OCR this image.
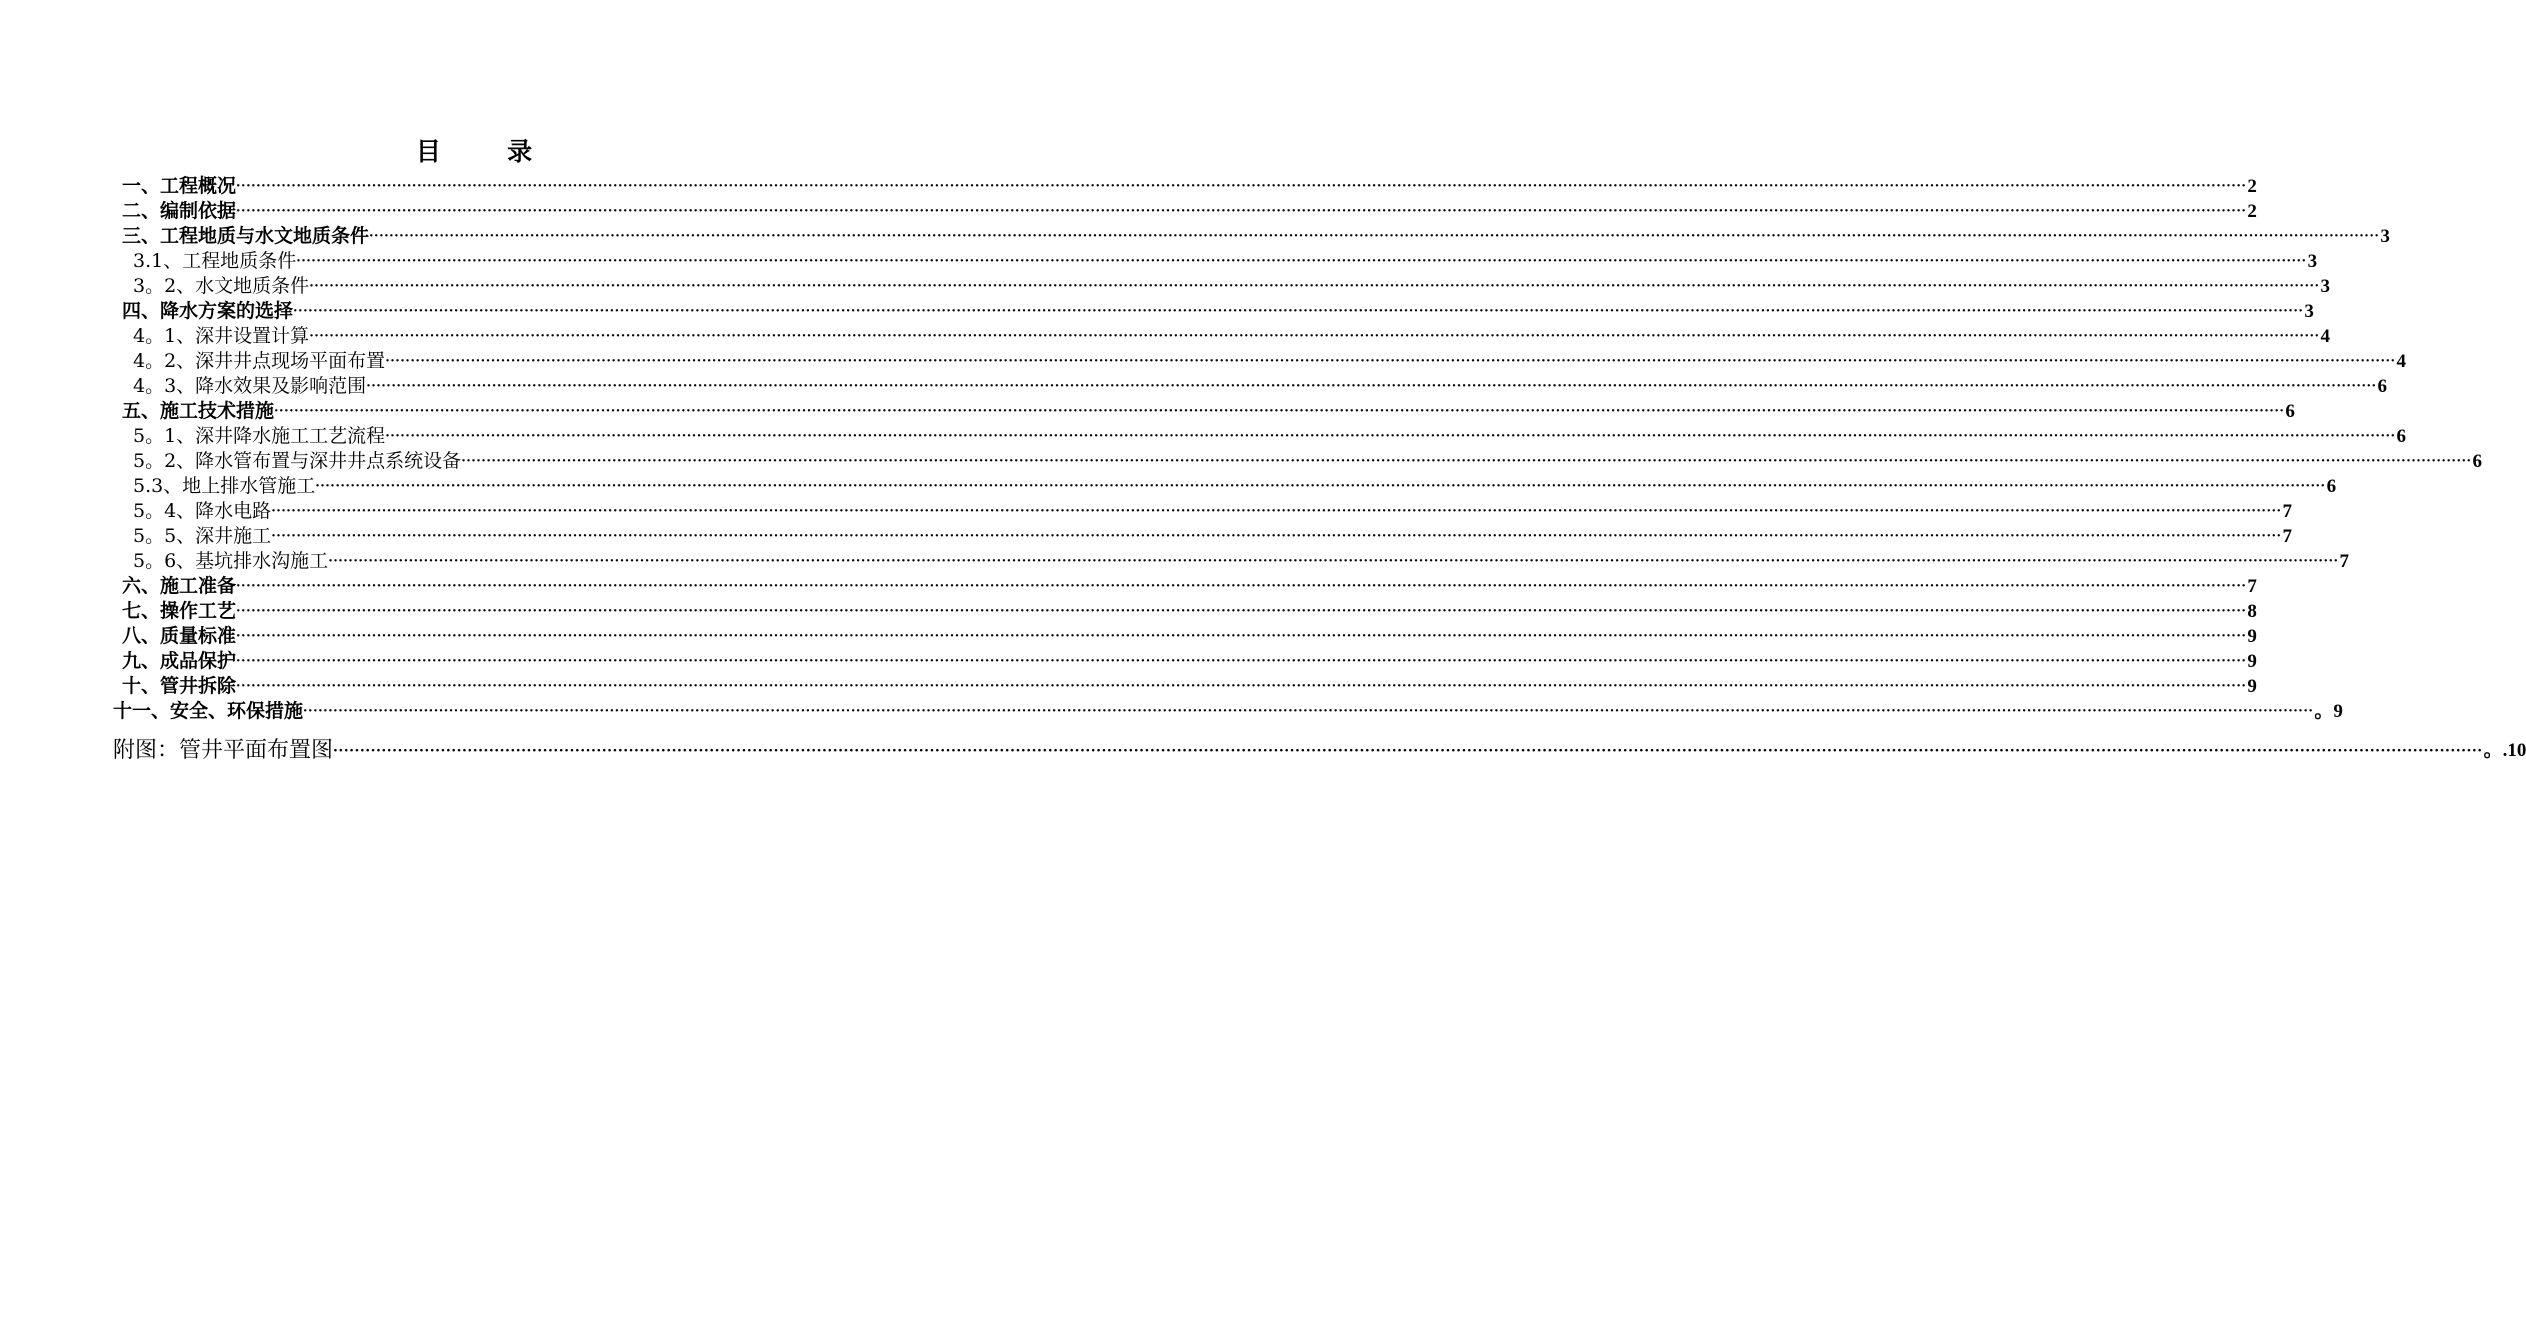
目      录
一、工程概况 ················································································································································································································································································································································································································ 2
二、编制依据 ················································································································································································································································································································································································································ 2
三、工程地质与水文地质条件 ················································································································································································································································································································································································································ 3
3.1、工程地质条件 ················································································································································································································································································································································································································ 3
3。2、水文地质条件 ················································································································································································································································································································································································································ 3
四、降水方案的选择 ················································································································································································································································································································································································································ 3
4。1、深井设置计算 ················································································································································································································································································································································································································ 4
4。2、深井井点现场平面布置 ················································································································································································································································································································································································································ 4
4。3、降水效果及影响范围 ················································································································································································································································································································································································································ 6
五、施工技术措施 ················································································································································································································································································································································································································ 6
5。1、深井降水施工工艺流程 ················································································································································································································································································································································································································ 6
5。2、降水管布置与深井井点系统设备 ················································································································································································································································································································································································································ 6
5.3、地上排水管施工 ················································································································································································································································································································································································································ 6
5。4、降水电路 ················································································································································································································································································································································································································ 7
5。5、深井施工 ················································································································································································································································································································································································································ 7
5。6、基坑排水沟施工 ················································································································································································································································································································································································································ 7
六、施工准备 ················································································································································································································································································································································································································ 7
七、操作工艺 ················································································································································································································································································································································································································ 8
八、质量标准 ················································································································································································································································································································································································································ 9
九、成品保护 ················································································································································································································································································································································································································ 9
十、管井拆除 ················································································································································································································································································································································································································ 9
十一、安全、环保措施 ················································································································································································································································································································································································································ 。9
附图：管井平面布置图 ················································································································································································································································································································································································································ 。.10
